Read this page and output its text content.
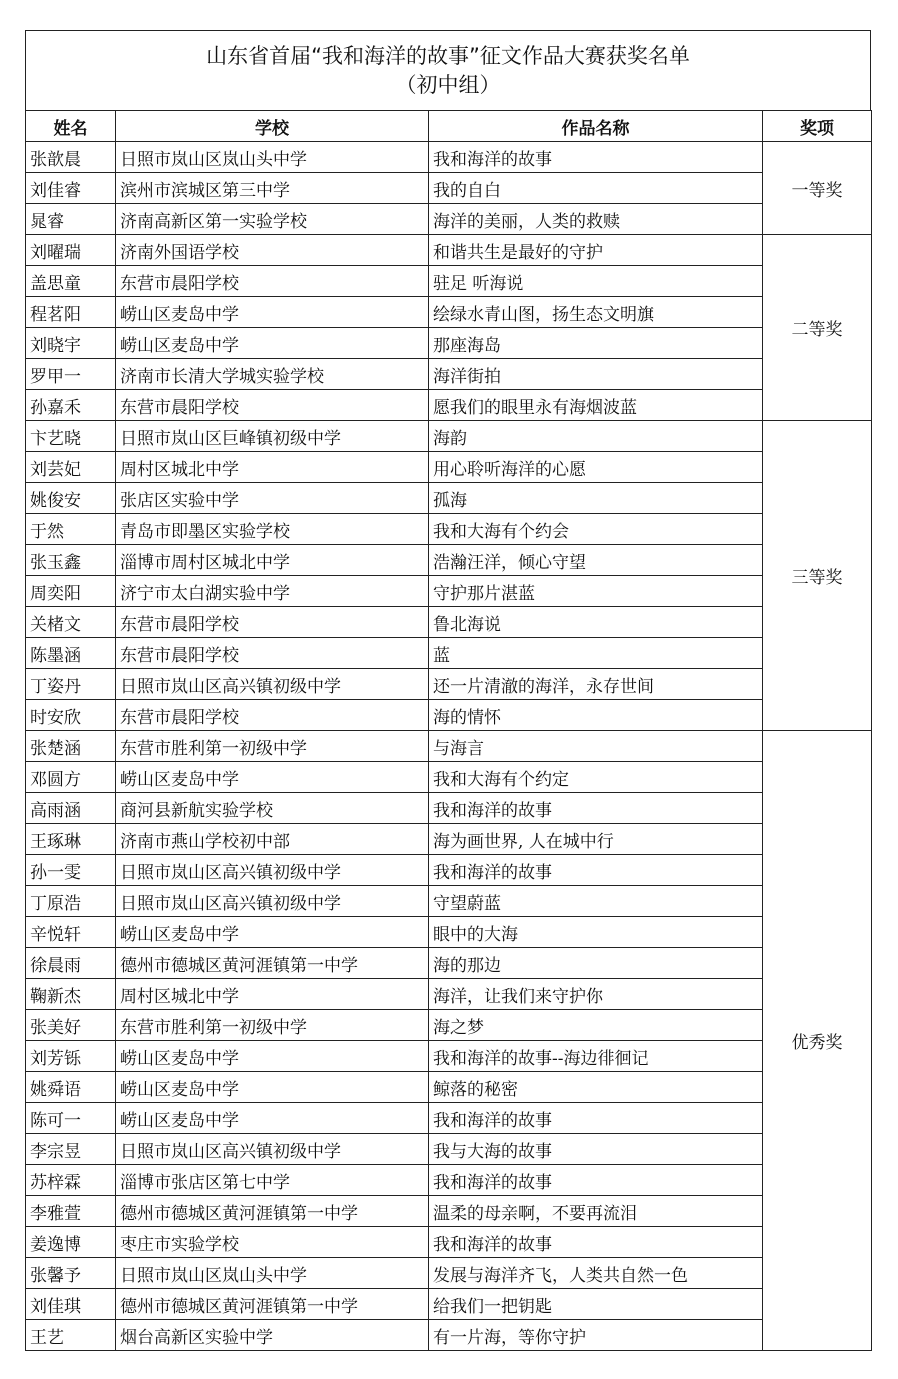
山东省首届“我和海洋的故事”征文作品大赛获奖名单
（初中组）
姓名	学校	作品名称	奖项
张歆晨	日照市岚山区岚山头中学	我和海洋的故事	一等奖
刘佳睿	滨州市滨城区第三中学	我的自白	
晁睿	济南高新区第一实验学校	海洋的美丽，人类的救赎	
刘曜瑞	济南外国语学校	和谐共生是最好的守护	二等奖
盖思童	东营市晨阳学校	驻足 听海说	
程茗阳	崂山区麦岛中学	绘绿水青山图，扬生态文明旗	
刘晓宇	崂山区麦岛中学	那座海岛	
罗甲一	济南市长清大学城实验学校	海洋街拍	
孙嘉禾	东营市晨阳学校	愿我们的眼里永有海烟波蓝	
卞艺晓	日照市岚山区巨峰镇初级中学	海韵	三等奖
刘芸妃	周村区城北中学	用心聆听海洋的心愿	
姚俊安	张店区实验中学	孤海	
于然	青岛市即墨区实验学校	我和大海有个约会	
张玉鑫	淄博市周村区城北中学	浩瀚汪洋，倾心守望	
周奕阳	济宁市太白湖实验中学	守护那片湛蓝	
关楮文	东营市晨阳学校	鲁北海说	
陈墨涵	东营市晨阳学校	蓝	
丁姿丹	日照市岚山区高兴镇初级中学	还一片清澈的海洋，永存世间	
时安欣	东营市晨阳学校	海的情怀	
张楚涵	东营市胜利第一初级中学	与海言	优秀奖
邓圆方	崂山区麦岛中学	我和大海有个约定	
高雨涵	商河县新航实验学校	我和海洋的故事	
王琢琳	济南市燕山学校初中部	海为画世界, 人在城中行	
孙一雯	日照市岚山区高兴镇初级中学	我和海洋的故事	
丁原浩	日照市岚山区高兴镇初级中学	守望蔚蓝	
辛悦轩	崂山区麦岛中学	眼中的大海	
徐晨雨	德州市德城区黄河涯镇第一中学	海的那边	
鞠新杰	周村区城北中学	海洋，让我们来守护你	
张美好	东营市胜利第一初级中学	海之梦	
刘芳铄	崂山区麦岛中学	我和海洋的故事--海边徘徊记	
姚舜语	崂山区麦岛中学	鲸落的秘密	
陈可一	崂山区麦岛中学	我和海洋的故事	
李宗昱	日照市岚山区高兴镇初级中学	我与大海的故事	
苏梓霖	淄博市张店区第七中学	我和海洋的故事	
李雅萱	德州市德城区黄河涯镇第一中学	温柔的母亲啊，不要再流泪	
姜逸博	枣庄市实验学校	我和海洋的故事	
张馨予	日照市岚山区岚山头中学	发展与海洋齐飞，人类共自然一色	
刘佳琪	德州市德城区黄河涯镇第一中学	给我们一把钥匙	
王艺	烟台高新区实验中学	有一片海，等你守护	
